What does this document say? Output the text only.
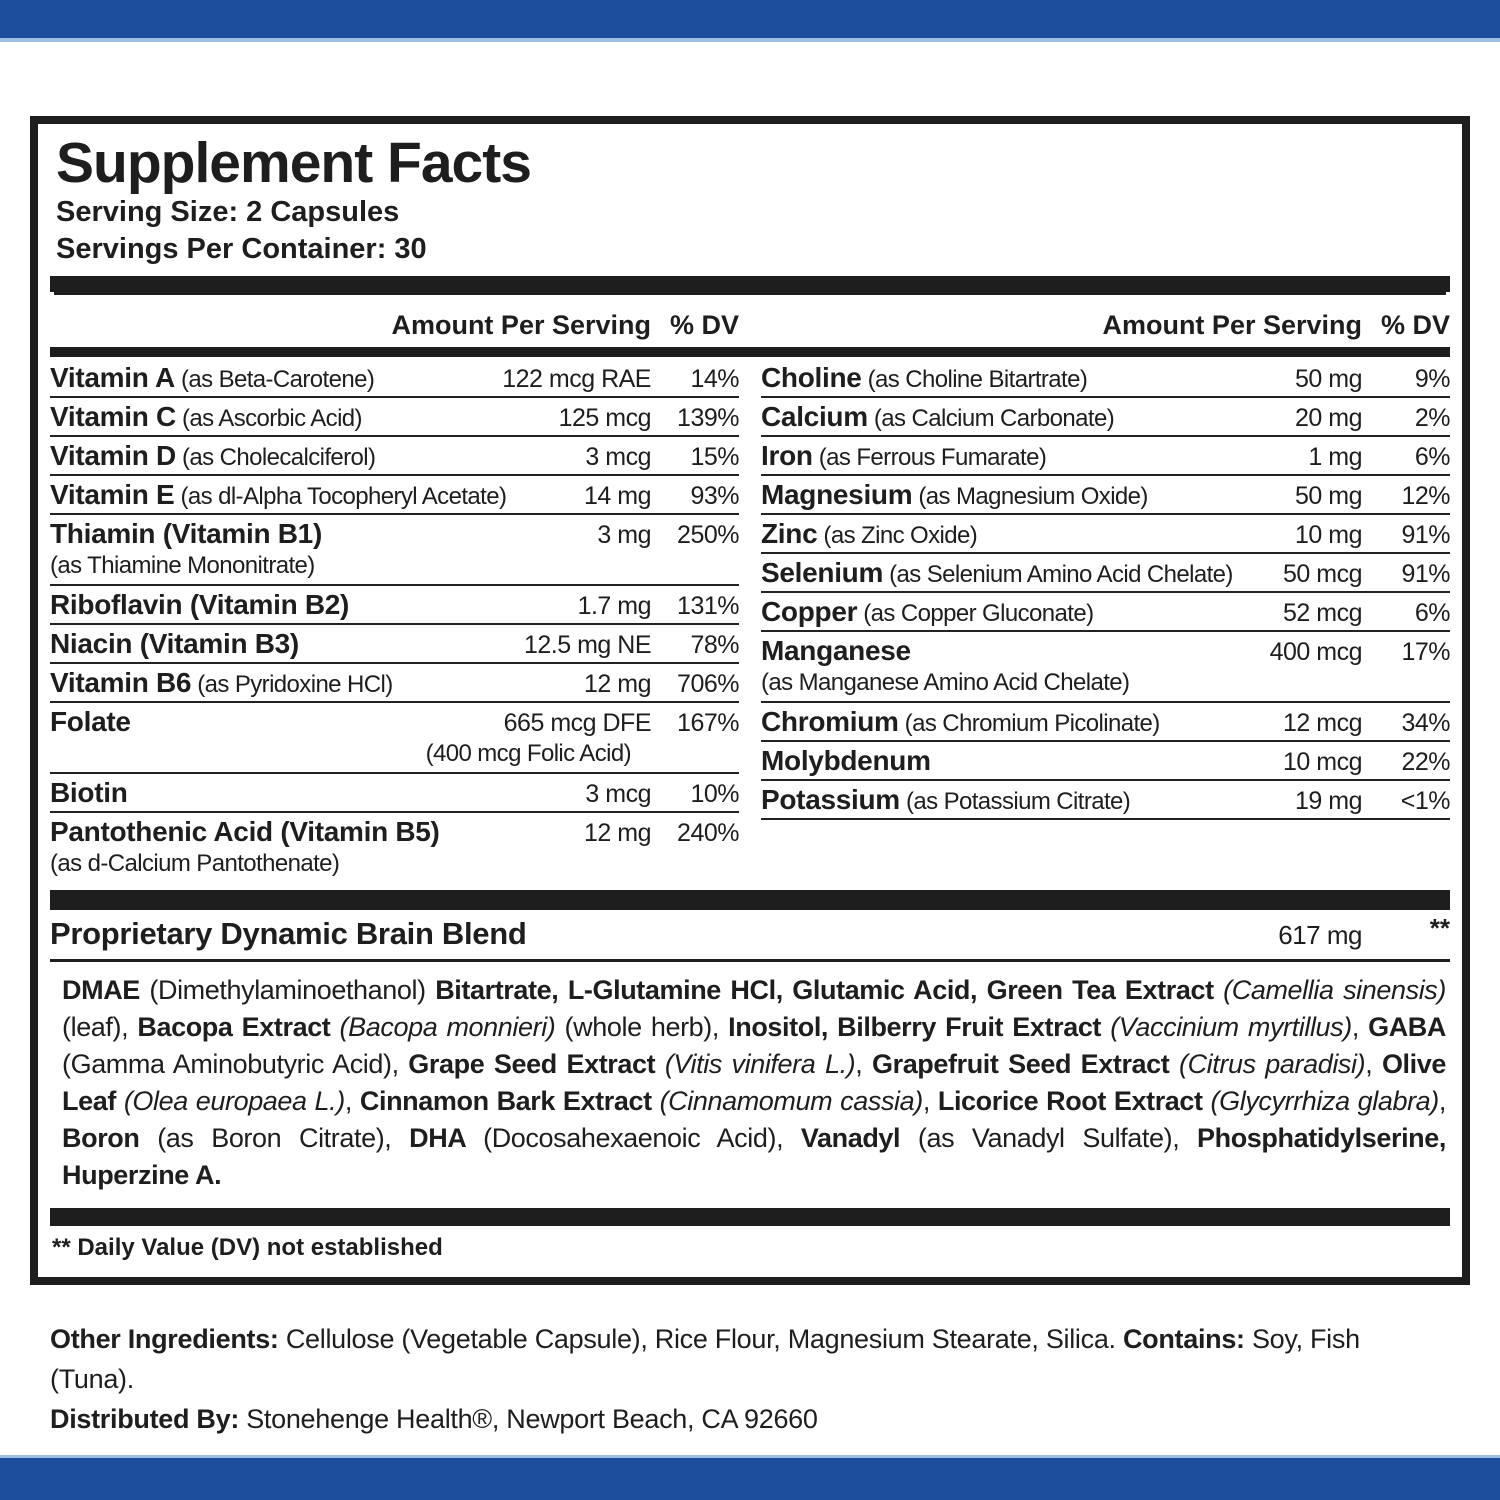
Supplement Facts
Serving Size: 2 Capsules
Servings Per Container: 30
Amount Per Serving % DV	Amount Per Serving % DV
Vitamin A (as Beta-Carotene)	122 mcg RAE	14%
Vitamin C (as Ascorbic Acid)	125 mcg	139%
Vitamin D (as Cholecalciferol)	3 mcg	15%
Vitamin E (as dl-Alpha Tocopheryl Acetate)	14 mg	93%
Thiamin (Vitamin B1)	3 mg	250%
(as Thiamine Mononitrate)
Riboflavin (Vitamin B2)	1.7 mg	131%
Niacin (Vitamin B3)	12.5 mg NE	78%
Vitamin B6 (as Pyridoxine HCl)	12 mg	706%
Folate	665 mcg DFE	167%
(400 mcg Folic Acid)
Biotin	3 mcg	10%
Pantothenic Acid (Vitamin B5)	12 mg	240%
(as d-Calcium Pantothenate)
Choline (as Choline Bitartrate)	50 mg	9%
Calcium (as Calcium Carbonate)	20 mg	2%
Iron (as Ferrous Fumarate)	1 mg	6%
Magnesium (as Magnesium Oxide)	50 mg	12%
Zinc (as Zinc Oxide)	10 mg	91%
Selenium (as Selenium Amino Acid Chelate)	50 mcg	91%
Copper (as Copper Gluconate)	52 mcg	6%
Manganese	400 mcg	17%
(as Manganese Amino Acid Chelate)
Chromium (as Chromium Picolinate)	12 mcg	34%
Molybdenum	10 mcg	22%
Potassium (as Potassium Citrate)	19 mg	<1%
Proprietary Dynamic Brain Blend	617 mg	**
DMAE (Dimethylaminoethanol) Bitartrate, L-Glutamine HCl, Glutamic Acid, Green Tea Extract (Camellia sinensis) (leaf), Bacopa Extract (Bacopa monnieri) (whole herb), Inositol, Bilberry Fruit Extract (Vaccinium myrtillus), GABA (Gamma Aminobutyric Acid), Grape Seed Extract (Vitis vinifera L.), Grapefruit Seed Extract (Citrus paradisi), Olive Leaf (Olea europaea L.), Cinnamon Bark Extract (Cinnamomum cassia), Licorice Root Extract (Glycyrrhiza glabra), Boron (as Boron Citrate), DHA (Docosahexaenoic Acid), Vanadyl (as Vanadyl Sulfate), Phosphatidylserine, Huperzine A.
** Daily Value (DV) not established
Other Ingredients: Cellulose (Vegetable Capsule), Rice Flour, Magnesium Stearate, Silica. Contains: Soy, Fish (Tuna).
Distributed By: Stonehenge Health®, Newport Beach, CA 92660
